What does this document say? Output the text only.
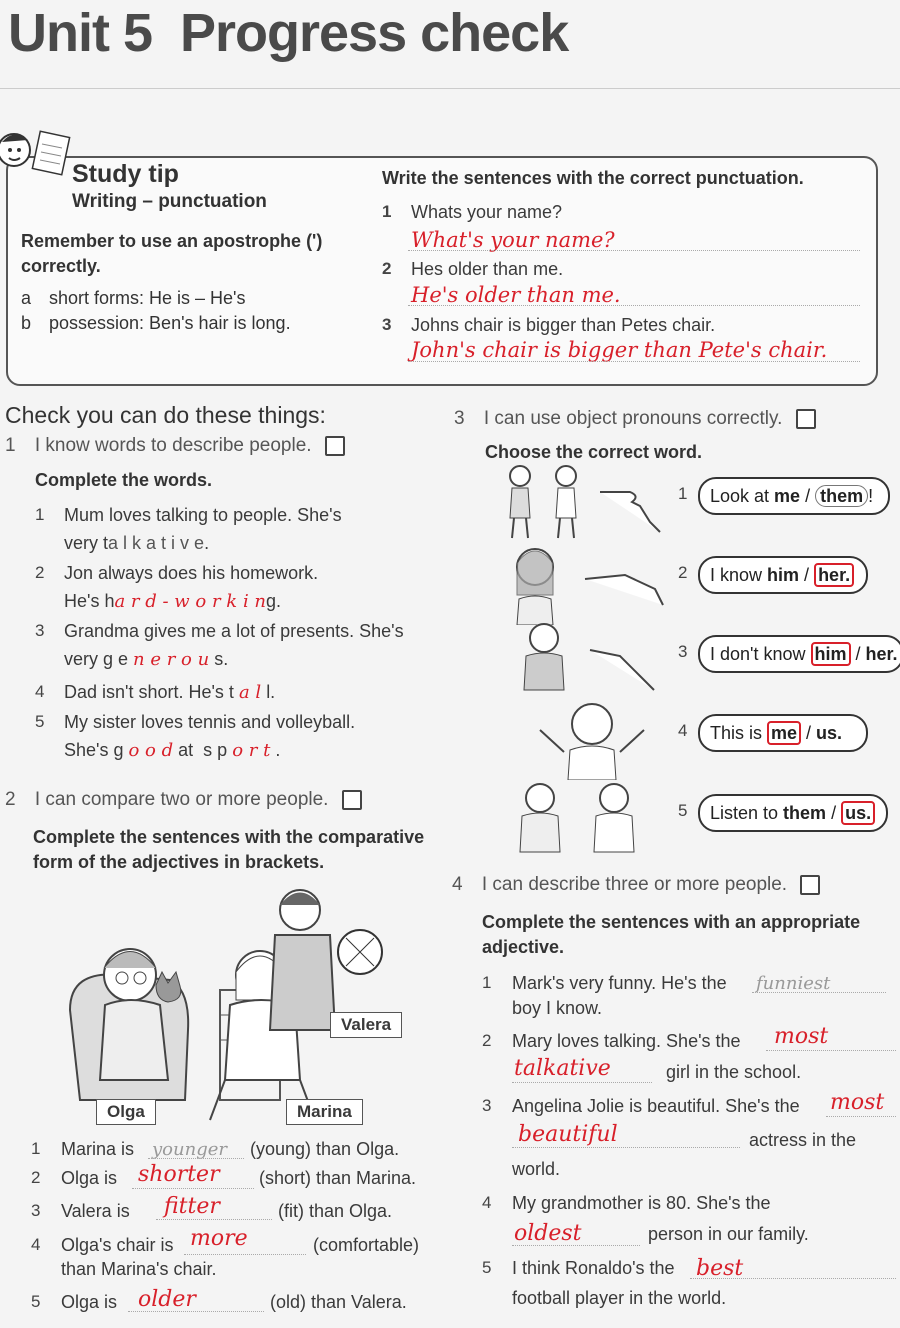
Unit 5  Progress check
Study tip
Writing – punctuation
Remember to use an apostrophe (') correctly.
a short forms: He is – He's
b possession: Ben's hair is long.
Write the sentences with the correct punctuation.
1 Whats your name?
What's your name?
2 Hes older than me.
He's older than me.
3 Johns chair is bigger than Petes chair.
John's chair is bigger than Pete's chair.
Check you can do these things:
1 I know words to describe people.
Complete the words.
1 Mum loves talking to people. She's
very ta l k a t i v e.
2 Jon always does his homework.
He's ha r d - w o r k i ng.
3 Grandma gives me a lot of presents. She's
very g e n e r o u s.
4 Dad isn't short. He's t a l l.
5 My sister loves tennis and volleyball.
She's g o o d at  s p o r t .
2 I can compare two or more people.
Complete the sentences with the comparative form of the adjectives in brackets.
Valera
Olga	Marina
1 Marina is younger (young) than Olga.
2 Olga is shorter (short) than Marina.
3 Valera is fitter	(fit) than Olga.
4 Olga's chair is more	(comfortable)
than Marina's chair.
5 Olga is older	(old) than Valera.
3 I can use object pronouns correctly.
Choose the correct word.
1	Look at me / them !
2	I know him / her.
3	I don't know him / her.
4	This is me / us.
5	Listen to them / us.
4 I can describe three or more people.
Complete the sentences with an appropriate adjective.
1 Mark's very funny. He's the funniest
boy I know.
2 Mary loves talking. She's the most
talkative	girl in the school.
3 Angelina Jolie is beautiful. She's the most
beautiful	actress in the
world.
4 My grandmother is 80. She's the
oldest	person in our family.
5 I think Ronaldo's the best
football player in the world.
